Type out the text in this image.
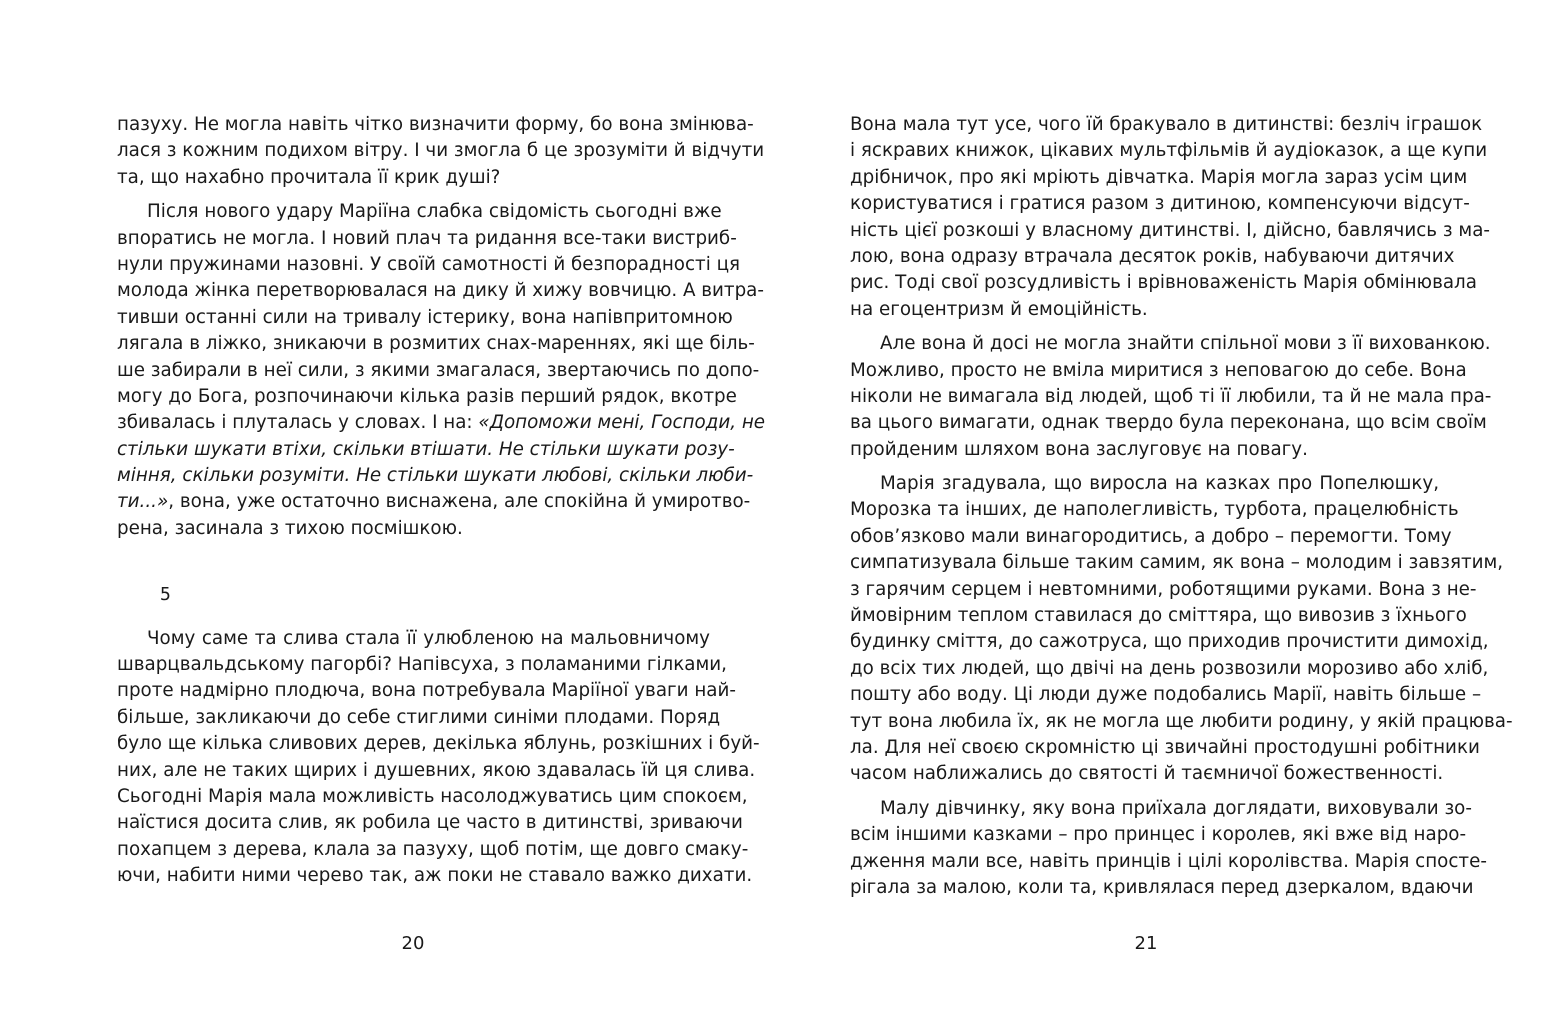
пазуху. Не могла навіть чітко визначити форму, бо вона змінюва-
лася з кожним подихом вітру. І чи змогла б це зрозуміти й відчути
та, що нахабно прочитала її крик душі?
Після нового удару Маріїна слабка свідомість сьогодні вже
впоратись не могла. І новий плач та ридання все-таки вистриб-
нули пружинами назовні. У своїй самотності й безпорадності ця
молода жінка перетворювалася на дику й хижу вовчицю. А витра-
тивши останні сили на тривалу істерику, вона напівпритомною
лягала в ліжко, зникаючи в розмитих снах-мареннях, які ще біль-
ше забирали в неї сили, з якими змагалася, звертаючись по допо-
могу до Бога, розпочинаючи кілька разів перший рядок, вкотре
збивалась і плуталась у словах. І на: «Допоможи мені, Господи, не
стільки шукати втіхи, скільки втішати. Не стільки шукати розу-
міння, скільки розуміти. Не стільки шукати любові, скільки люби-
ти...», вона, уже остаточно виснажена, але спокійна й умиротво-
рена, засинала з тихою посмішкою.
5
Чому саме та слива стала її улюбленою на мальовничому
шварцвальдському пагорбі? Напівсуха, з поламаними гілками,
проте надмірно плодюча, вона потребувала Маріїної уваги най-
більше, закликаючи до себе стиглими синіми плодами. Поряд
було ще кілька сливових дерев, декілька яблунь, розкішних і буй-
них, але не таких щирих і душевних, якою здавалась їй ця слива.
Сьогодні Марія мала можливість насолоджуватись цим спокоєм,
наїстися досита слив, як робила це часто в дитинстві, зриваючи
похапцем з дерева, клала за пазуху, щоб потім, ще довго смаку-
ючи, набити ними черево так, аж поки не ставало важко дихати.
20
Вона мала тут усе, чого їй бракувало в дитинстві: безліч іграшок
і яскравих книжок, цікавих мультфільмів й аудіоказок, а ще купи
дрібничок, про які мріють дівчатка. Марія могла зараз усім цим
користуватися і гратися разом з дитиною, компенсуючи відсут-
ність цієї розкоші у власному дитинстві. І, дійсно, бавлячись з ма-
лою, вона одразу втрачала десяток років, набуваючи дитячих
рис. Тоді свої розсудливість і врівноваженість Марія обмінювала
на егоцентризм й емоційність.
Але вона й досі не могла знайти спільної мови з її вихованкою.
Можливо, просто не вміла миритися з неповагою до себе. Вона
ніколи не вимагала від людей, щоб ті її любили, та й не мала пра-
ва цього вимагати, однак твердо була переконана, що всім своїм
пройденим шляхом вона заслуговує на повагу.
Марія згадувала, що виросла на казках про Попелюшку,
Морозка та інших, де наполегливість, турбота, працелюбність
обов’язково мали винагородитись, а добро – перемогти. Тому
симпатизувала більше таким самим, як вона – молодим і завзятим,
з гарячим серцем і невтомними, роботящими руками. Вона з не-
ймовірним теплом ставилася до сміттяра, що вивозив з їхнього
будинку сміття, до сажотруса, що приходив прочистити димохід,
до всіх тих людей, що двічі на день розвозили морозиво або хліб,
пошту або воду. Ці люди дуже подобались Марії, навіть більше –
тут вона любила їх, як не могла ще любити родину, у якій працюва-
ла. Для неї своєю скромністю ці звичайні простодушні робітники
часом наближались до святості й таємничої божественності.
Малу дівчинку, яку вона приїхала доглядати, виховували зо-
всім іншими казками – про принцес і королев, які вже від наро-
дження мали все, навіть принців і цілі королівства. Марія спосте-
рігала за малою, коли та, кривлялася перед дзеркалом, вдаючи
21
